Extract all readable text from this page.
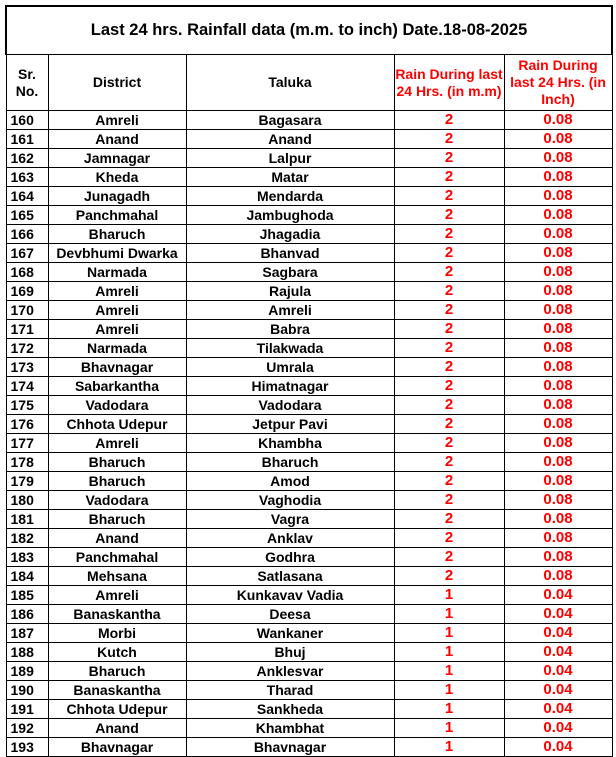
Last 24 hrs. Rainfall data (m.m. to inch) Date.18-08-2025				
Sr. No.	District	Taluka	Rain During last 24 Hrs. (in m.m)	Rain During last 24 Hrs. (in Inch)
160	Amreli	Bagasara	2	0.08
161	Anand	Anand	2	0.08
162	Jamnagar	Lalpur	2	0.08
163	Kheda	Matar	2	0.08
164	Junagadh	Mendarda	2	0.08
165	Panchmahal	Jambughoda	2	0.08
166	Bharuch	Jhagadia	2	0.08
167	Devbhumi Dwarka	Bhanvad	2	0.08
168	Narmada	Sagbara	2	0.08
169	Amreli	Rajula	2	0.08
170	Amreli	Amreli	2	0.08
171	Amreli	Babra	2	0.08
172	Narmada	Tilakwada	2	0.08
173	Bhavnagar	Umrala	2	0.08
174	Sabarkantha	Himatnagar	2	0.08
175	Vadodara	Vadodara	2	0.08
176	Chhota Udepur	Jetpur Pavi	2	0.08
177	Amreli	Khambha	2	0.08
178	Bharuch	Bharuch	2	0.08
179	Bharuch	Amod	2	0.08
180	Vadodara	Vaghodia	2	0.08
181	Bharuch	Vagra	2	0.08
182	Anand	Anklav	2	0.08
183	Panchmahal	Godhra	2	0.08
184	Mehsana	Satlasana	2	0.08
185	Amreli	Kunkavav Vadia	1	0.04
186	Banaskantha	Deesa	1	0.04
187	Morbi	Wankaner	1	0.04
188	Kutch	Bhuj	1	0.04
189	Bharuch	Anklesvar	1	0.04
190	Banaskantha	Tharad	1	0.04
191	Chhota Udepur	Sankheda	1	0.04
192	Anand	Khambhat	1	0.04
193	Bhavnagar	Bhavnagar	1	0.04
